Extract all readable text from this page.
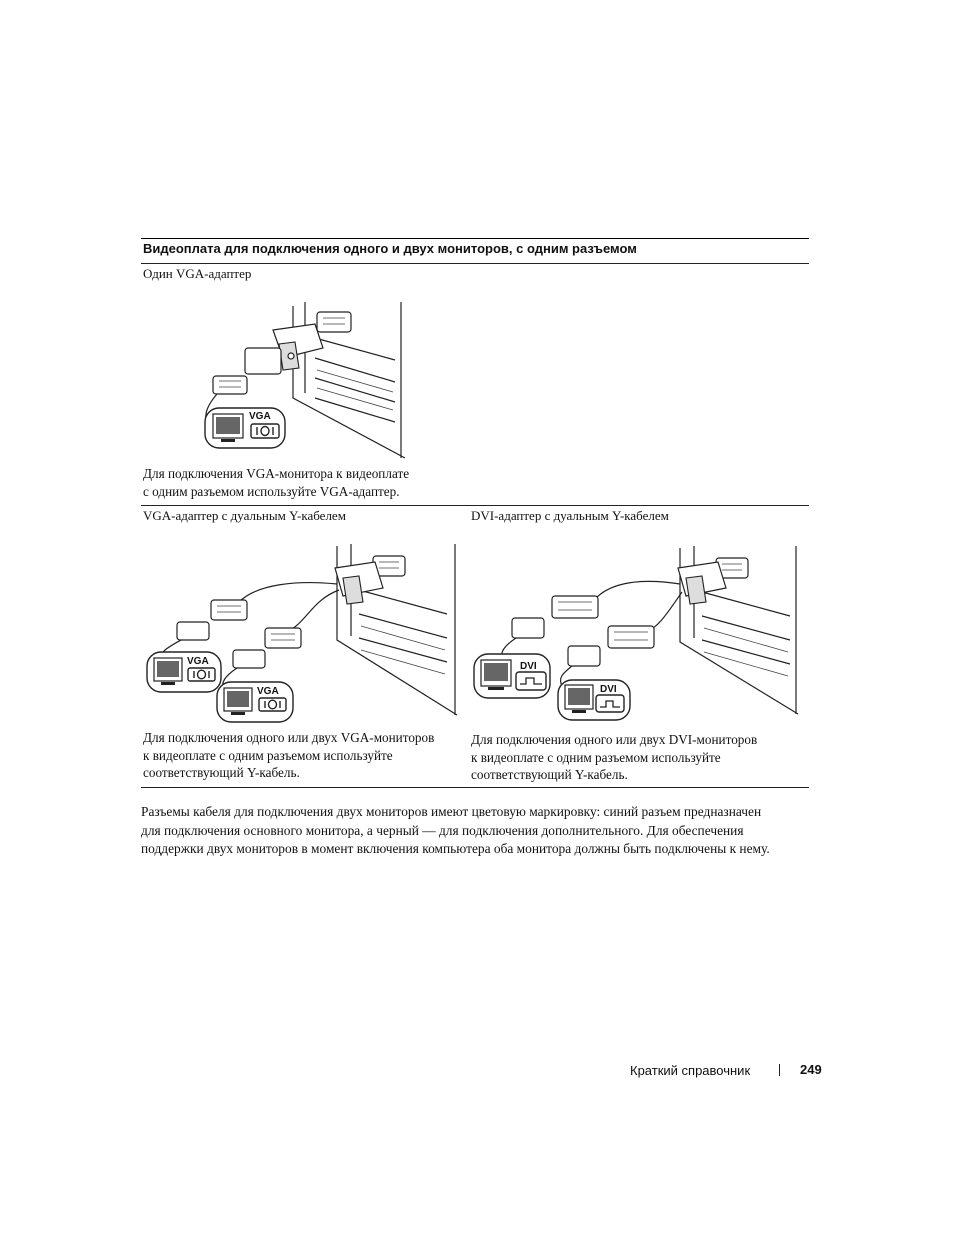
Видеоплата для подключения одного и двух мониторов, с одним разъемом
Один VGA-адаптер
VGA
Для подключения VGA-монитора к видеоплате
с одним разъемом используйте VGA-адаптер.
VGA-адаптер с дуальным Y-кабелем	DVI-адаптер с дуальным Y-кабелем
VGA
VGA
Для подключения одного или двух VGA-мониторов
к видеоплате с одним разъемом используйте
соответствующий Y-кабель.
DVI
DVI
Для подключения одного или двух DVI-мониторов
к видеоплате с одним разъемом используйте
соответствующий Y-кабель.
Разъемы кабеля для подключения двух мониторов имеют цветовую маркировку: синий разъем предназначен
для подключения основного монитора, а черный — для подключения дополнительного. Для обеспечения
поддержки двух мониторов в момент включения компьютера оба монитора должны быть подключены к нему.
Краткий справочник	249
